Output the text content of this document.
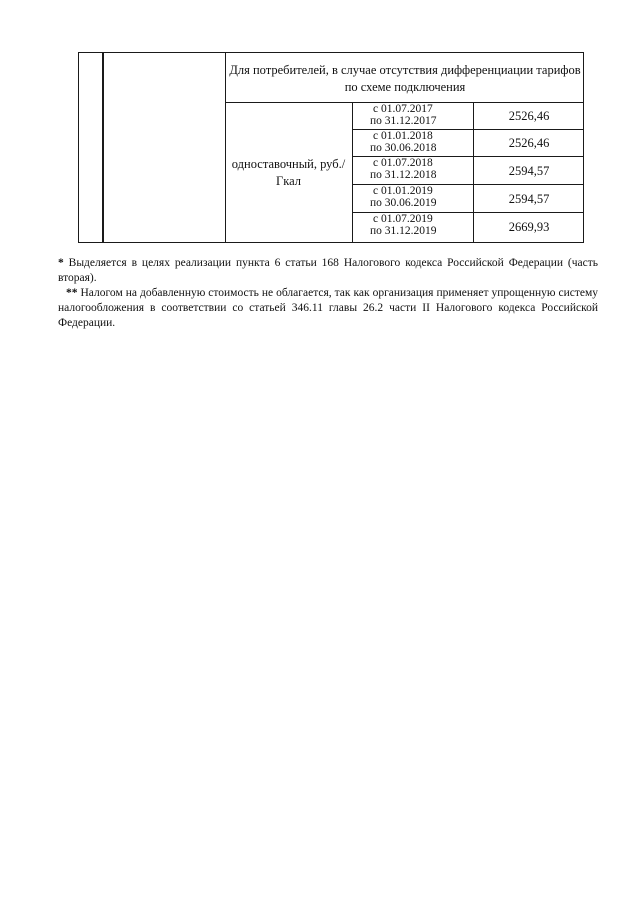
Для потребителей, в случае отсутствия дифференциации тарифов по схеме подключения
одноставочный, руб./Гкал
с 01.07.2017
по 31.12.2017	2526,46
с 01.01.2018
по 30.06.2018	2526,46
с 01.07.2018
по 31.12.2018	2594,57
с 01.01.2019
по 30.06.2019	2594,57
с 01.07.2019
по 31.12.2019	2669,93

* Выделяется в целях реализации пункта 6 статьи 168 Налогового кодекса Российской Федерации (часть вторая).

** Налогом на добавленную стоимость не облагается, так как организация применяет упрощенную систему налогообложения в соответствии со статьей 346.11 главы 26.2 части II Налогового кодекса Российской Федерации.
